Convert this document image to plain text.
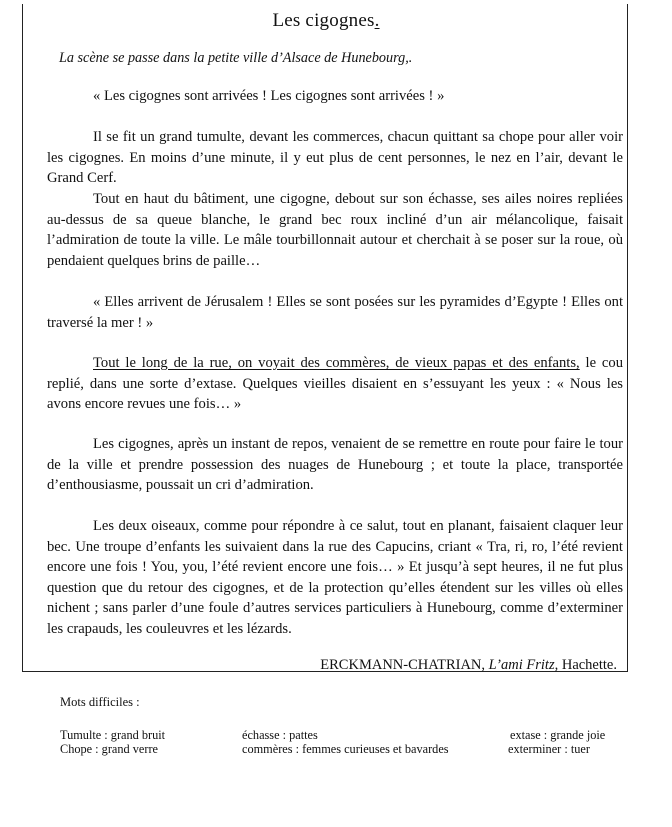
Les cigognes.
La scène se passe dans la petite ville d’Alsace de Hunebourg,.

« Les cigognes sont arrivées ! Les cigognes sont arrivées ! »

Il se fit un grand tumulte, devant les commerces, chacun quittant sa chope pour aller voir les cigognes. En moins d’une minute, il y eut plus de cent personnes, le nez en l’air, devant le Grand Cerf.

Tout en haut du bâtiment, une cigogne, debout sur son échasse, ses ailes noires repliées au-dessus de sa queue blanche, le grand bec roux incliné d’un air mélancolique, faisait l’admiration de toute la ville. Le mâle tourbillonnait autour et cherchait à se poser sur la roue, où pendaient quelques brins de paille…

« Elles arrivent de Jérusalem ! Elles se sont posées sur les pyramides d’Egypte ! Elles ont traversé la mer ! »

Tout le long de la rue, on voyait des commères, de vieux papas et des enfants, le cou replié, dans une sorte d’extase. Quelques vieilles disaient en s’essuyant les yeux : « Nous les avons encore revues une fois… »

Les cigognes, après un instant de repos, venaient de se remettre en route pour faire le tour de la ville et prendre possession des nuages de Hunebourg ; et toute la place, transportée d’enthousiasme, poussait un cri d’admiration.

Les deux oiseaux, comme pour répondre à ce salut, tout en planant, faisaient claquer leur bec. Une troupe d’enfants les suivaient dans la rue des Capucins, criant « Tra, ri, ro, l’été revient encore une fois ! You, you, l’été revient encore une fois… » Et jusqu’à sept heures, il ne fut plus question que du retour des cigognes, et de la protection qu’elles étendent sur les villes où elles nichent ; sans parler d’une foule d’autres services particuliers à Hunebourg, comme d’exterminer les crapauds, les couleuvres et les lézards.

ERCKMANN-CHATRIAN, L’ami Fritz, Hachette.
Mots difficiles :
Tumulte : grand bruit
Chope : grand verre
échasse : pattes
commères : femmes curieuses et bavardes
extase : grande joie
exterminer : tuer
